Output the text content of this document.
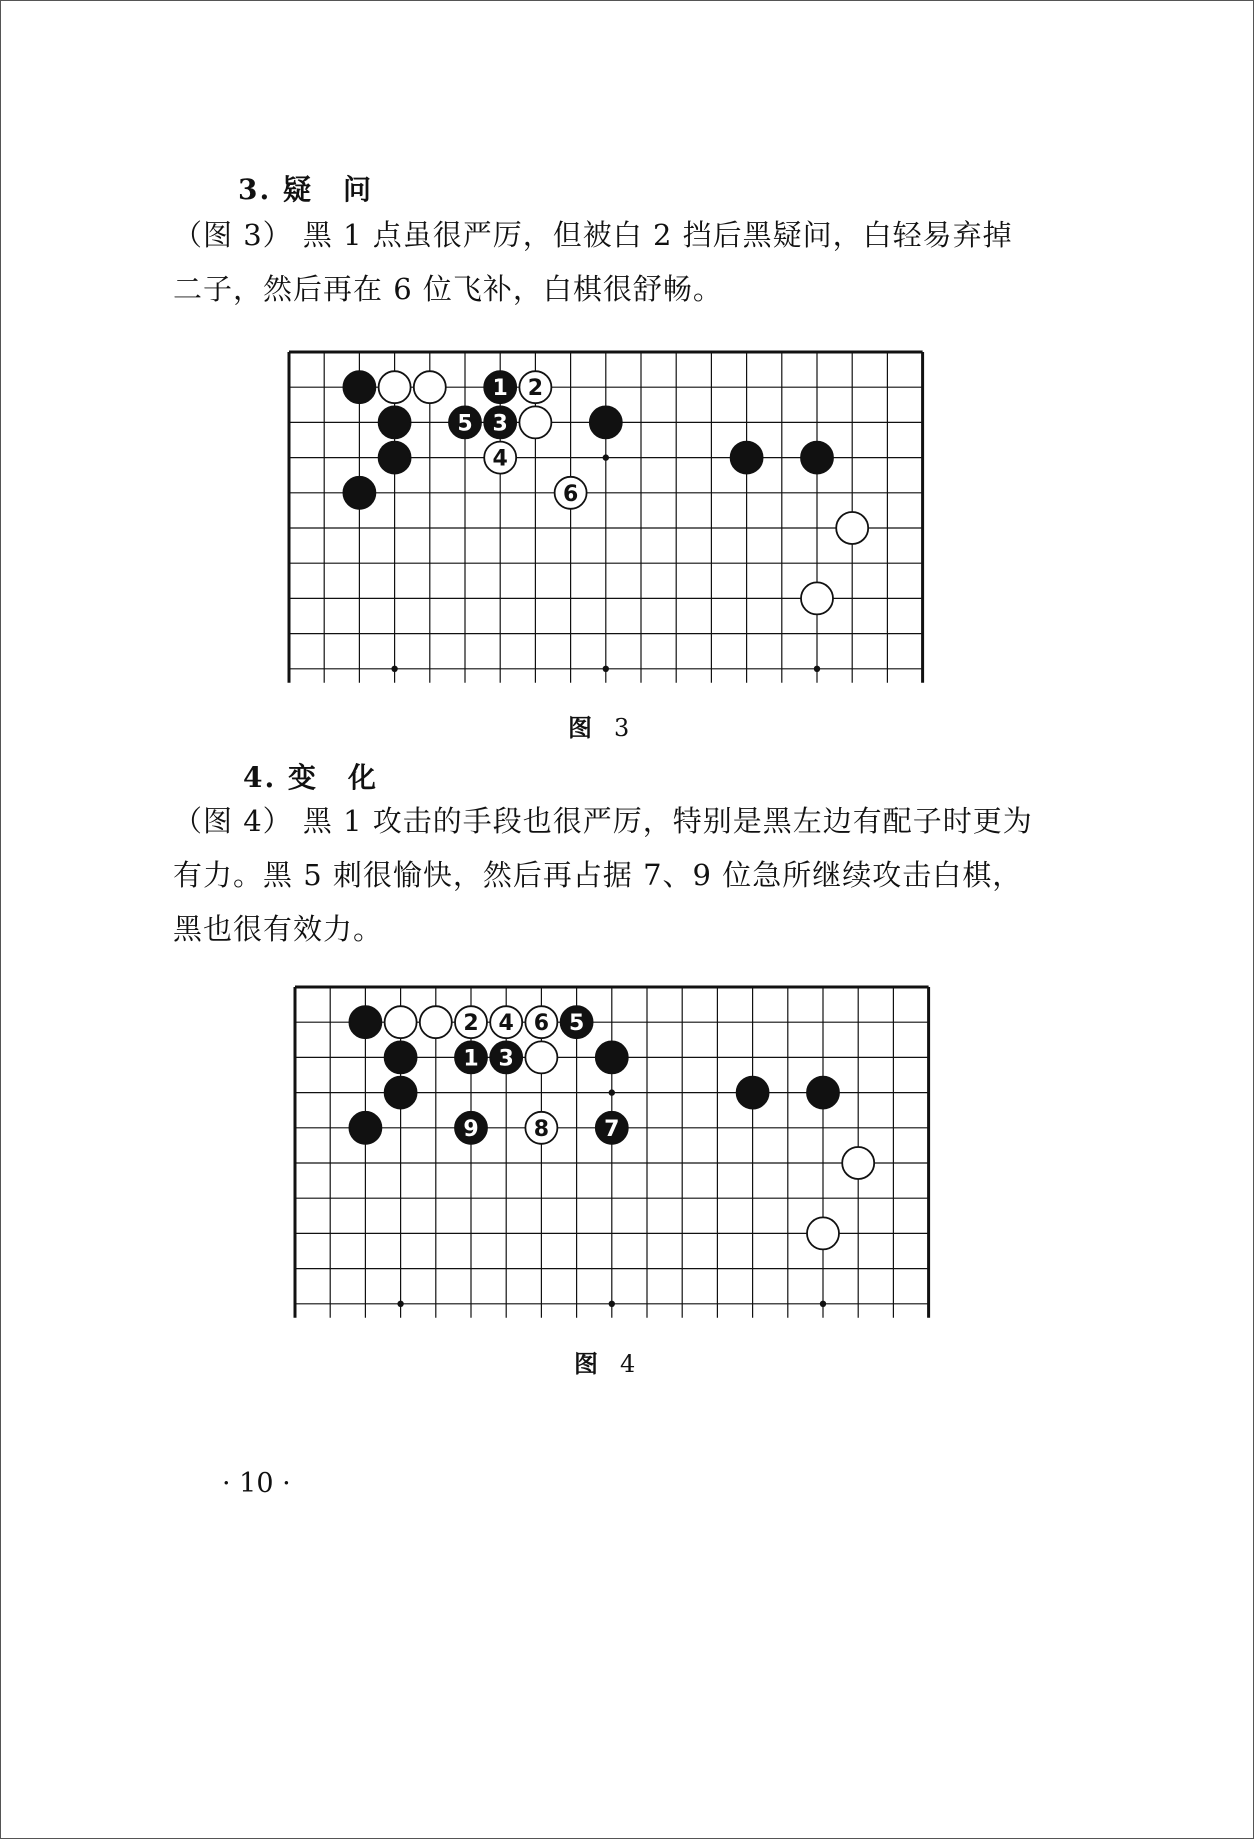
3. 疑　问
（图 3） 黑 1 点虽很严厉，但被白 2 挡后黑疑问，白轻易弃掉二子，然后再在 6 位飞补，白棋很舒畅。
1 2
5 3
4
6
图 3
4. 变　化
（图 4） 黑 1 攻击的手段也很严厉，特别是黑左边有配子时更为有力。黑 5 刺很愉快，然后再占据 7、9 位急所继续攻击白棋，黑也很有效力。
2 4 6 5
1 3
9	8	7
图 4
· 10 ·
